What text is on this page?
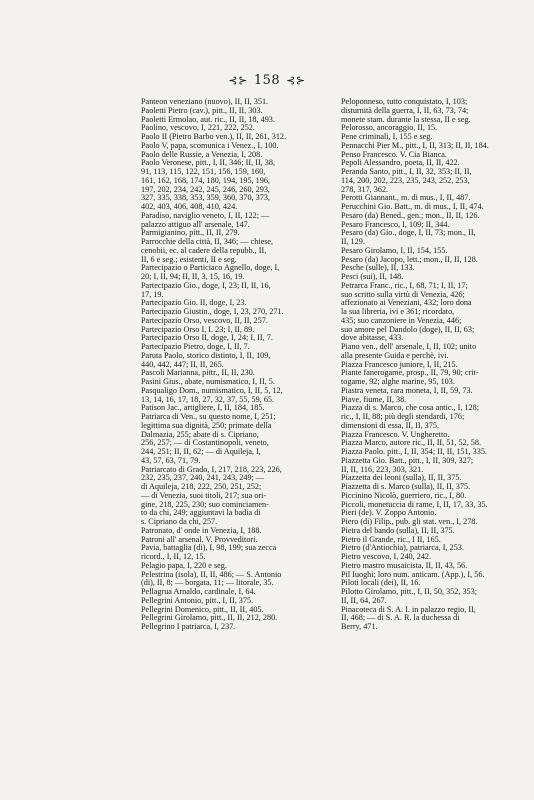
⊰⊱ 158 ⊰⊱
Panteon veneziano (nuovo), II, II, 351.
Paoletti Pietro (cav.), pitt., II, II, 303.
Paoletti Ermolao, aut. ric., II, II, 18, 493.
Paolino, vescovo, I, 221, 222, 252.
Paolo II (Pietro Barbo ven.), II, II, 261, 312.
Paolo V, papa, scomunica i Venez., I, 100.
Paolo delle Russie, a Venezia, I, 208.
Paolo Veronese, pitt., I, II, 346; II, II, 38,
91, 113, 115, 122, 151, 156, 159, 160,
161, 162, 168, 174, 180, 194, 195, 196,
197, 202, 234, 242, 245, 246, 260, 293,
327, 335, 338, 353, 359, 360, 370, 373,
402, 403, 406, 408, 410, 424.
Paradiso, naviglio veneto, I, II, 122; —
palazzo attiguo all' arsenale, 147.
Parmigianino, pitt., II, II, 279.
Parrocchie della città, II, 346; — chiese,
cenobii, ec. al cadere della repubb., II,
II, 6 e seg.; esistenti, II e seg.
Partecipazio o Particiaco Agnello, doge, I,
20; I, II, 94; II, II, 3, 15, 16, 19.
Partecipazio Gio., doge, I, 23; II, II, 16,
17, 19.
Partecipazio Gio. II, doge, I, 23.
Partecipazio Giustin., doge, I, 23, 270, 271.
Partecipazio Orso, vescovo, II, II, 257.
Partecipazio Orso I, I. 23; I, II, 89.
Partecipazio Orso II, doge, I, 24; I, II, 7.
Partecipazio Pietro, doge, I, II, 7.
Paruta Paolo, storico distinto, I, II, 109,
440, 442, 447; II, II, 265.
Pascoli Marianna, pittr., II, II, 230.
Pasini Gius., abate, numismatico, I, II, 5.
Pasqualigo Dom., numismatico, I, II, 5, 12,
13, 14, 16, 17, 18, 27, 32, 37, 55, 59, 65.
Patison Jac., artigliere, I, II, 184, 185.
Patriarca di Ven., su questo nome, I, 251;
legittima sua dignità, 250; primate della
Dalmazia, 255; abate di s. Cipriano,
256, 257; — di Costantinopoli, veneto,
244, 251; II, II, 62; — di Aquileja, I,
43, 57, 63, 71, 79.
Patriarcato di Grado, I, 217, 218, 223, 226,
232, 235, 237, 240, 241, 243, 249; —
di Aquileja, 218, 222, 250, 251, 252;
— di Venezia, suoi titoli, 217; sua ori-
gine, 218, 225, 230; suo cominciamen-
to da chi, 249; aggiuntavi la badia di
s. Cipriano da chi, 257.
Patronato, d' onde in Venezia, I, 188.
Patroni all' arsenal. V. Provveditori.
Pavia, battaglia (di), I, 98, 199; sua zecca
ricord., I, II, 12, 15.
Pelagio papa, I, 220 e seg.
Pelestrina (isola), II, II, 486; — S. Antonio
(di), II, 8; — borgata, 11; — litorale, 35.
Pellagrua Arnaldo, cardinale, I, 64.
Pellegrini Antonio, pitt., I, II, 375.
Pellegrini Domenico, pitt., II, II, 405.
Pellegrini Girolamo, pitt., II, II, 212, 280.
Pellegrino I patriarca, I, 237.
Peloponneso, tutto conquistato, I, 103;
disturnità della guerra, I, II, 63, 73, 74;
monete stam. durante la stessa, II e seg.
Pelorosso, ancoraggio, II, 15.
Pene criminali, I, 155 e seg.
Pennacchi Pier M., pitt., I, II, 313; II, II, 184.
Penso Francesco. V. Cia Bianca.
Pepoli Alessandro, poeta, II, II, 422.
Peranda Santo, pitt., I, II, 32, 353; II, II,
114, 200, 202, 223, 235, 243, 252, 253,
278, 317, 362.
Perotti Giannant., m. di mus., I, II, 487.
Perucchini Gio. Batt., m. di mus., I, II, 474.
Pesaro (da) Bened., gen.; mon., II, II, 126.
Pesaro Francesco, I, 109; II, 344.
Pesaro (da) Gio., doge, I, II, 73; mon., II,
II, 129.
Pesaro Girolamo, I, II, 154, 155.
Pesaro (da) Jacopo, lett.; mon., II, II, 128.
Pesche (sulle), II, 133.
Pesci (sui), II, 148.
Petrarca Franc., ric., I, 68, 71; I, II, 17;
suo scritto sulla virtù di Venezia, 426;
affezionato ai Veneziani, 432; loro dona
la sua libreria, ivi e 361; ricordato,
435; suo canzoniere in Venezia, 446;
suo amore pel Dandolo (doge), II, II, 63;
dove abitasse, 433.
Piano ven., dell' arsenale, I, II, 102; unito
alla presente Guida e perchè, ivi.
Piazza Francesco juniore, I, II, 215.
Piante fanerogame, prosp., II, 79, 90; crit-
togame, 92; alghe marine, 95, 103.
Piastra veneta, rara moneta, I, II, 59, 73.
Piave, fiume, II, 38.
Piazza di s. Marco, che cosa antic., I, 128;
ric., I, II, 88; più degli stendardi, 176;
dimensioni di essa, II, II, 375.
Piazza Francesco. V. Ungheretto.
Piazza Marco, autore ric., II, II, 51, 52, 58.
Piazza Paolo. pitt., I, II, 354; II, II, 151, 335.
Piazzetta Gio. Batt., pitt., I, II, 309, 327;
II, II, 116, 223, 303, 321.
Piazzetta dei leoni (sulla), II, II, 375.
Piazzetta di s. Marco (sulla), II, II, 375.
Piccinino Nicolò, guerriero, ric., I, 80.
Piccoli, monetuccia di rame, I, II, 17, 33, 35.
Pieri (de). V. Zoppo Antonio.
Piero (di) Filip., pub. gli stat. ven., I, 278.
Pietra del bando (sulla), II, II, 375.
Pietro il Grande, ric., I II, 165.
Pietro (d'Antiochia), patriarca, I, 253.
Pietro vescovo, I, 240, 242.
Pietro mastro musaicista, II, II, 43, 56.
Pil Iuoghi; loro num. anticam. (App.), I, 56.
Piloti locali (dei), II, 16.
Pilotto Girolamo, pitt., I, II, 50, 352, 353;
II, II, 64, 267.
Pinacoteca di S. A. I. in palazzo regio, II,
II, 468; — di S. A. R. la duchessa di
Berry, 471.
